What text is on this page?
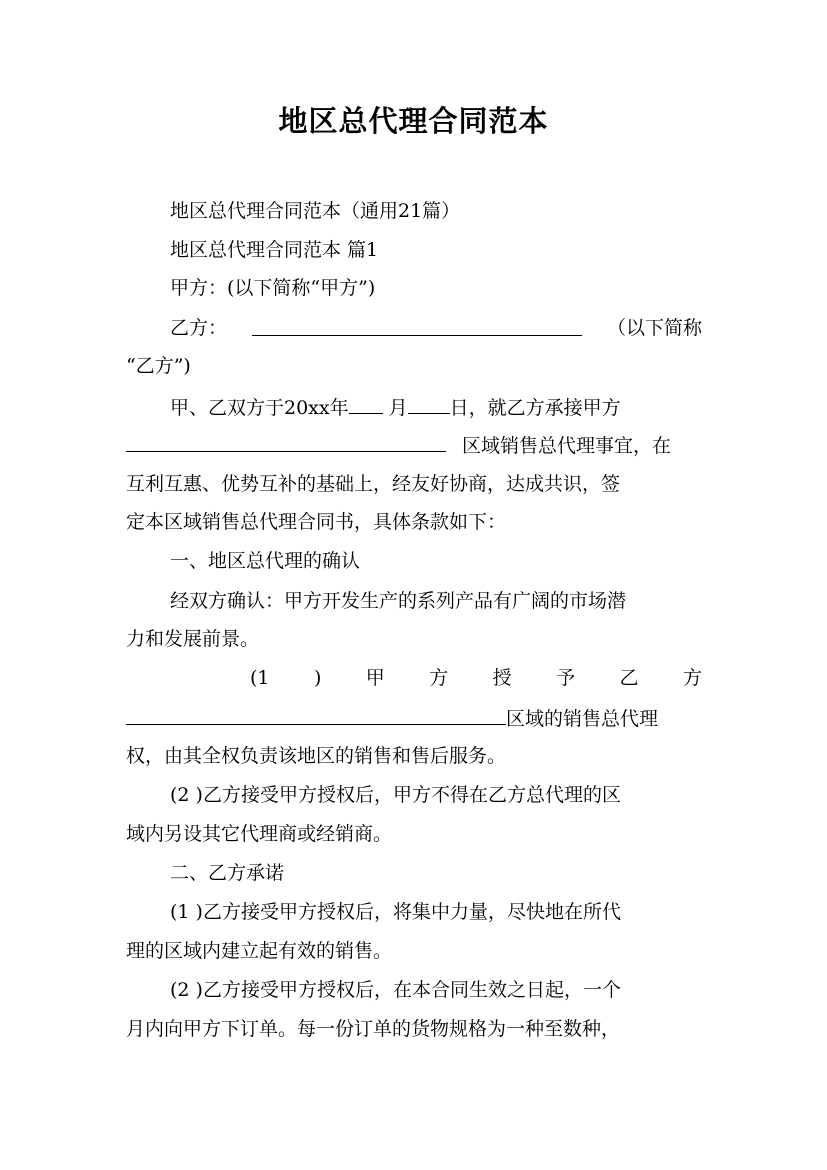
地区总代理合同范本
地区总代理合同范本（通用21篇）
地区总代理合同范本 篇1
甲方：(以下简称“甲方”)
乙方：	（以下简称
“乙方”)
甲、乙双方于20xx年 月 日，就乙方承接甲方
区域销售总代理事宜，在
互利互惠、优势互补的基础上，经友好协商，达成共识，签
定本区域销售总代理合同书，具体条款如下：
一、地区总代理的确认
经双方确认：甲方开发生产的系列产品有广阔的市场潜
力和发展前景。
(1 ) 甲 方 授 予 乙 方
区域的销售总代理
权，由其全权负责该地区的销售和售后服务。
(2 )乙方接受甲方授权后，甲方不得在乙方总代理的区
域内另设其它代理商或经销商。
二、乙方承诺
(1 )乙方接受甲方授权后，将集中力量，尽快地在所代
理的区域内建立起有效的销售。
(2 )乙方接受甲方授权后，在本合同生效之日起，一个
月内向甲方下订单。每一份订单的货物规格为一种至数种，
